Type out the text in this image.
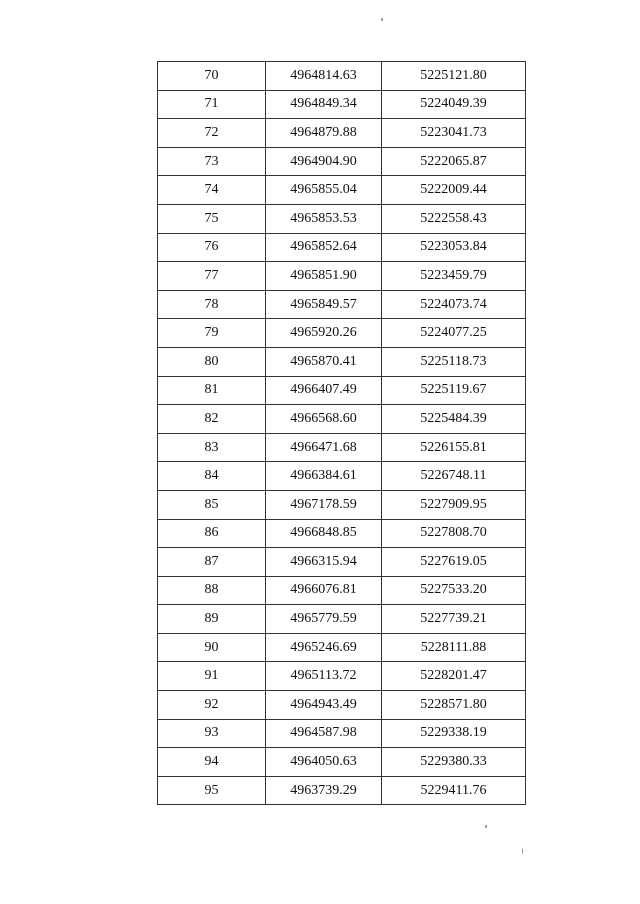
70	4964814.63	5225121.80
71	4964849.34	5224049.39
72	4964879.88	5223041.73
73	4964904.90	5222065.87
74	4965855.04	5222009.44
75	4965853.53	5222558.43
76	4965852.64	5223053.84
77	4965851.90	5223459.79
78	4965849.57	5224073.74
79	4965920.26	5224077.25
80	4965870.41	5225118.73
81	4966407.49	5225119.67
82	4966568.60	5225484.39
83	4966471.68	5226155.81
84	4966384.61	5226748.11
85	4967178.59	5227909.95
86	4966848.85	5227808.70
87	4966315.94	5227619.05
88	4966076.81	5227533.20
89	4965779.59	5227739.21
90	4965246.69	5228111.88
91	4965113.72	5228201.47
92	4964943.49	5228571.80
93	4964587.98	5229338.19
94	4964050.63	5229380.33
95	4963739.29	5229411.76
